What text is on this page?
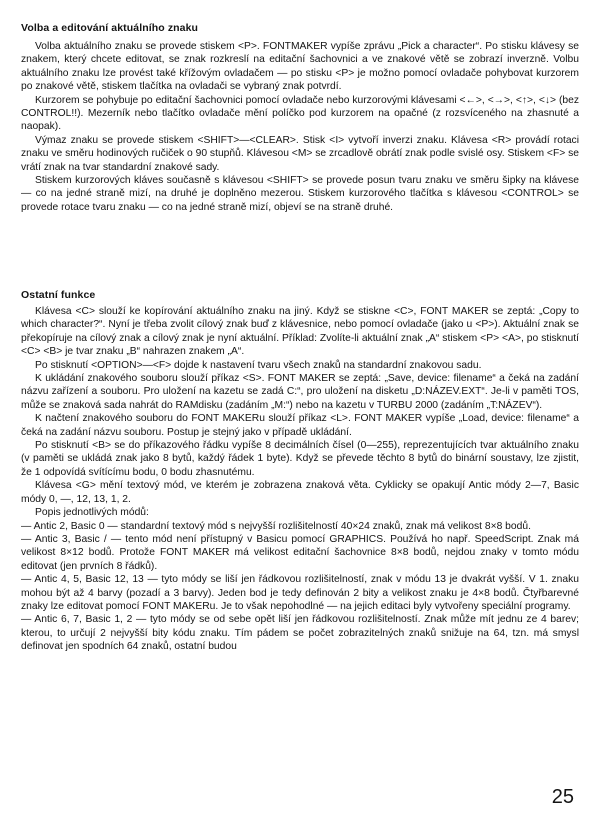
Volba a editování aktuálního znaku

Volba aktuálního znaku se provede stiskem <P>. FONTMAKER vypíše zprávu „Pick a character“. Po stisku klávesy se znakem, který chcete editovat, se znak rozkreslí na editační šachovnici a ve znakové větě se zobrazí inverzně. Volbu aktuálního znaku lze provést také křížovým ovladačem — po stisku <P> je možno pomocí ovladače pohybovat kurzorem po znakové větě, stiskem tlačítka na ovladači se vybraný znak potvrdí.

Kurzorem se pohybuje po editační šachovnici pomocí ovladače nebo kurzorovými klávesami <←>, <→>, <↑>, <↓> (bez CONTROL!!). Mezerník nebo tlačítko ovladače mění políčko pod kurzorem na opačné (z rozsvíceného na zhasnuté a naopak).

Výmaz znaku se provede stiskem <SHIFT>—<CLEAR>. Stisk <I> vytvoří inverzi znaku. Klávesa <R> provádí rotaci znaku ve směru hodinových ručiček o 90 stupňů. Klávesou <M> se zrcadlově obrátí znak podle svislé osy. Stiskem <F> se vrátí znak na tvar standardní znakové sady.

Stiskem kurzorových kláves současně s klávesou <SHIFT> se provede posun tvaru znaku ve směru šipky na klávese — co na jedné straně mizí, na druhé je doplněno mezerou. Stiskem kurzorového tlačítka s klávesou <CONTROL> se provede rotace tvaru znaku — co na jedné straně mizí, objeví se na straně druhé.

Ostatní funkce

Klávesa <C> slouží ke kopírování aktuálního znaku na jiný. Když se stiskne <C>, FONT MAKER se zeptá: „Copy to which character?“. Nyní je třeba zvolit cílový znak buď z klávesnice, nebo pomocí ovladače (jako u <P>). Aktuální znak se překopíruje na cílový znak a cílový znak je nyní aktuální. Příklad: Zvolíte-li aktuální znak „A“ stiskem <P> <A>, po stisknutí <C> <B> je tvar znaku „B“ nahrazen znakem „A“.

Po stisknutí <OPTION>—<F> dojde k nastavení tvaru všech znaků na standardní znakovou sadu.

K ukládání znakového souboru slouží příkaz <S>. FONT MAKER se zeptá: „Save, device: filename“ a čeká na zadání názvu zařízení a souboru. Pro uložení na kazetu se zadá C:“, pro uložení na disketu „D:NÁZEV.EXT“. Je-li v paměti TOS, může se znaková sada nahrát do RAMdisku (zadáním „M:“) nebo na kazetu v TURBU 2000 (zadáním „T:NÁZEV“).

K načtení znakového souboru do FONT MAKERu slouží příkaz <L>. FONT MAKER vypíše „Load, device: filename“ a čeká na zadání názvu souboru. Postup je stejný jako v případě ukládání.

Po stisknutí <B> se do příkazového řádku vypíše 8 decimálních čísel (0—255), reprezentujících tvar aktuálního znaku (v paměti se ukládá znak jako 8 bytů, každý řádek 1 byte). Když se převede těchto 8 bytů do binární soustavy, lze zjistit, že 1 odpovídá svítícímu bodu, 0 bodu zhasnutému.

Klávesa <G> mění textový mód, ve kterém je zobrazena znaková věta. Cyklicky se opakují Antic módy 2—7, Basic módy 0, —, 12, 13, 1, 2.

Popis jednotlivých módů:

— Antic 2, Basic 0 — standardní textový mód s nejvyšší rozlišitelností 40×24 znaků, znak má velikost 8×8 bodů.

— Antic 3, Basic / — tento mód není přístupný v Basicu pomocí GRAPHICS. Používá ho např. SpeedScript. Znak má velikost 8×12 bodů. Protože FONT MAKER má velikost editační šachovnice 8×8 bodů, nejdou znaky v tomto módu editovat (jen prvních 8 řádků).

— Antic 4, 5, Basic 12, 13 — tyto módy se liší jen řádkovou rozlišitelností, znak v módu 13 je dvakrát vyšší. V 1. znaku mohou být až 4 barvy (pozadí a 3 barvy). Jeden bod je tedy definován 2 bity a velikost znaku je 4×8 bodů. Čtyřbarevné znaky lze editovat pomocí FONT MAKERu. Je to však nepohodlné — na jejich editaci byly vytvořeny speciální programy.

— Antic 6, 7, Basic 1, 2 — tyto módy se od sebe opět liší jen řádkovou rozlišitelností. Znak může mít jednu ze 4 barev; kterou, to určují 2 nejvyšší bity kódu znaku. Tím pádem se počet zobrazitelných znaků snižuje na 64, tzn. má smysl definovat jen spodních 64 znaků, ostatní budou

25
